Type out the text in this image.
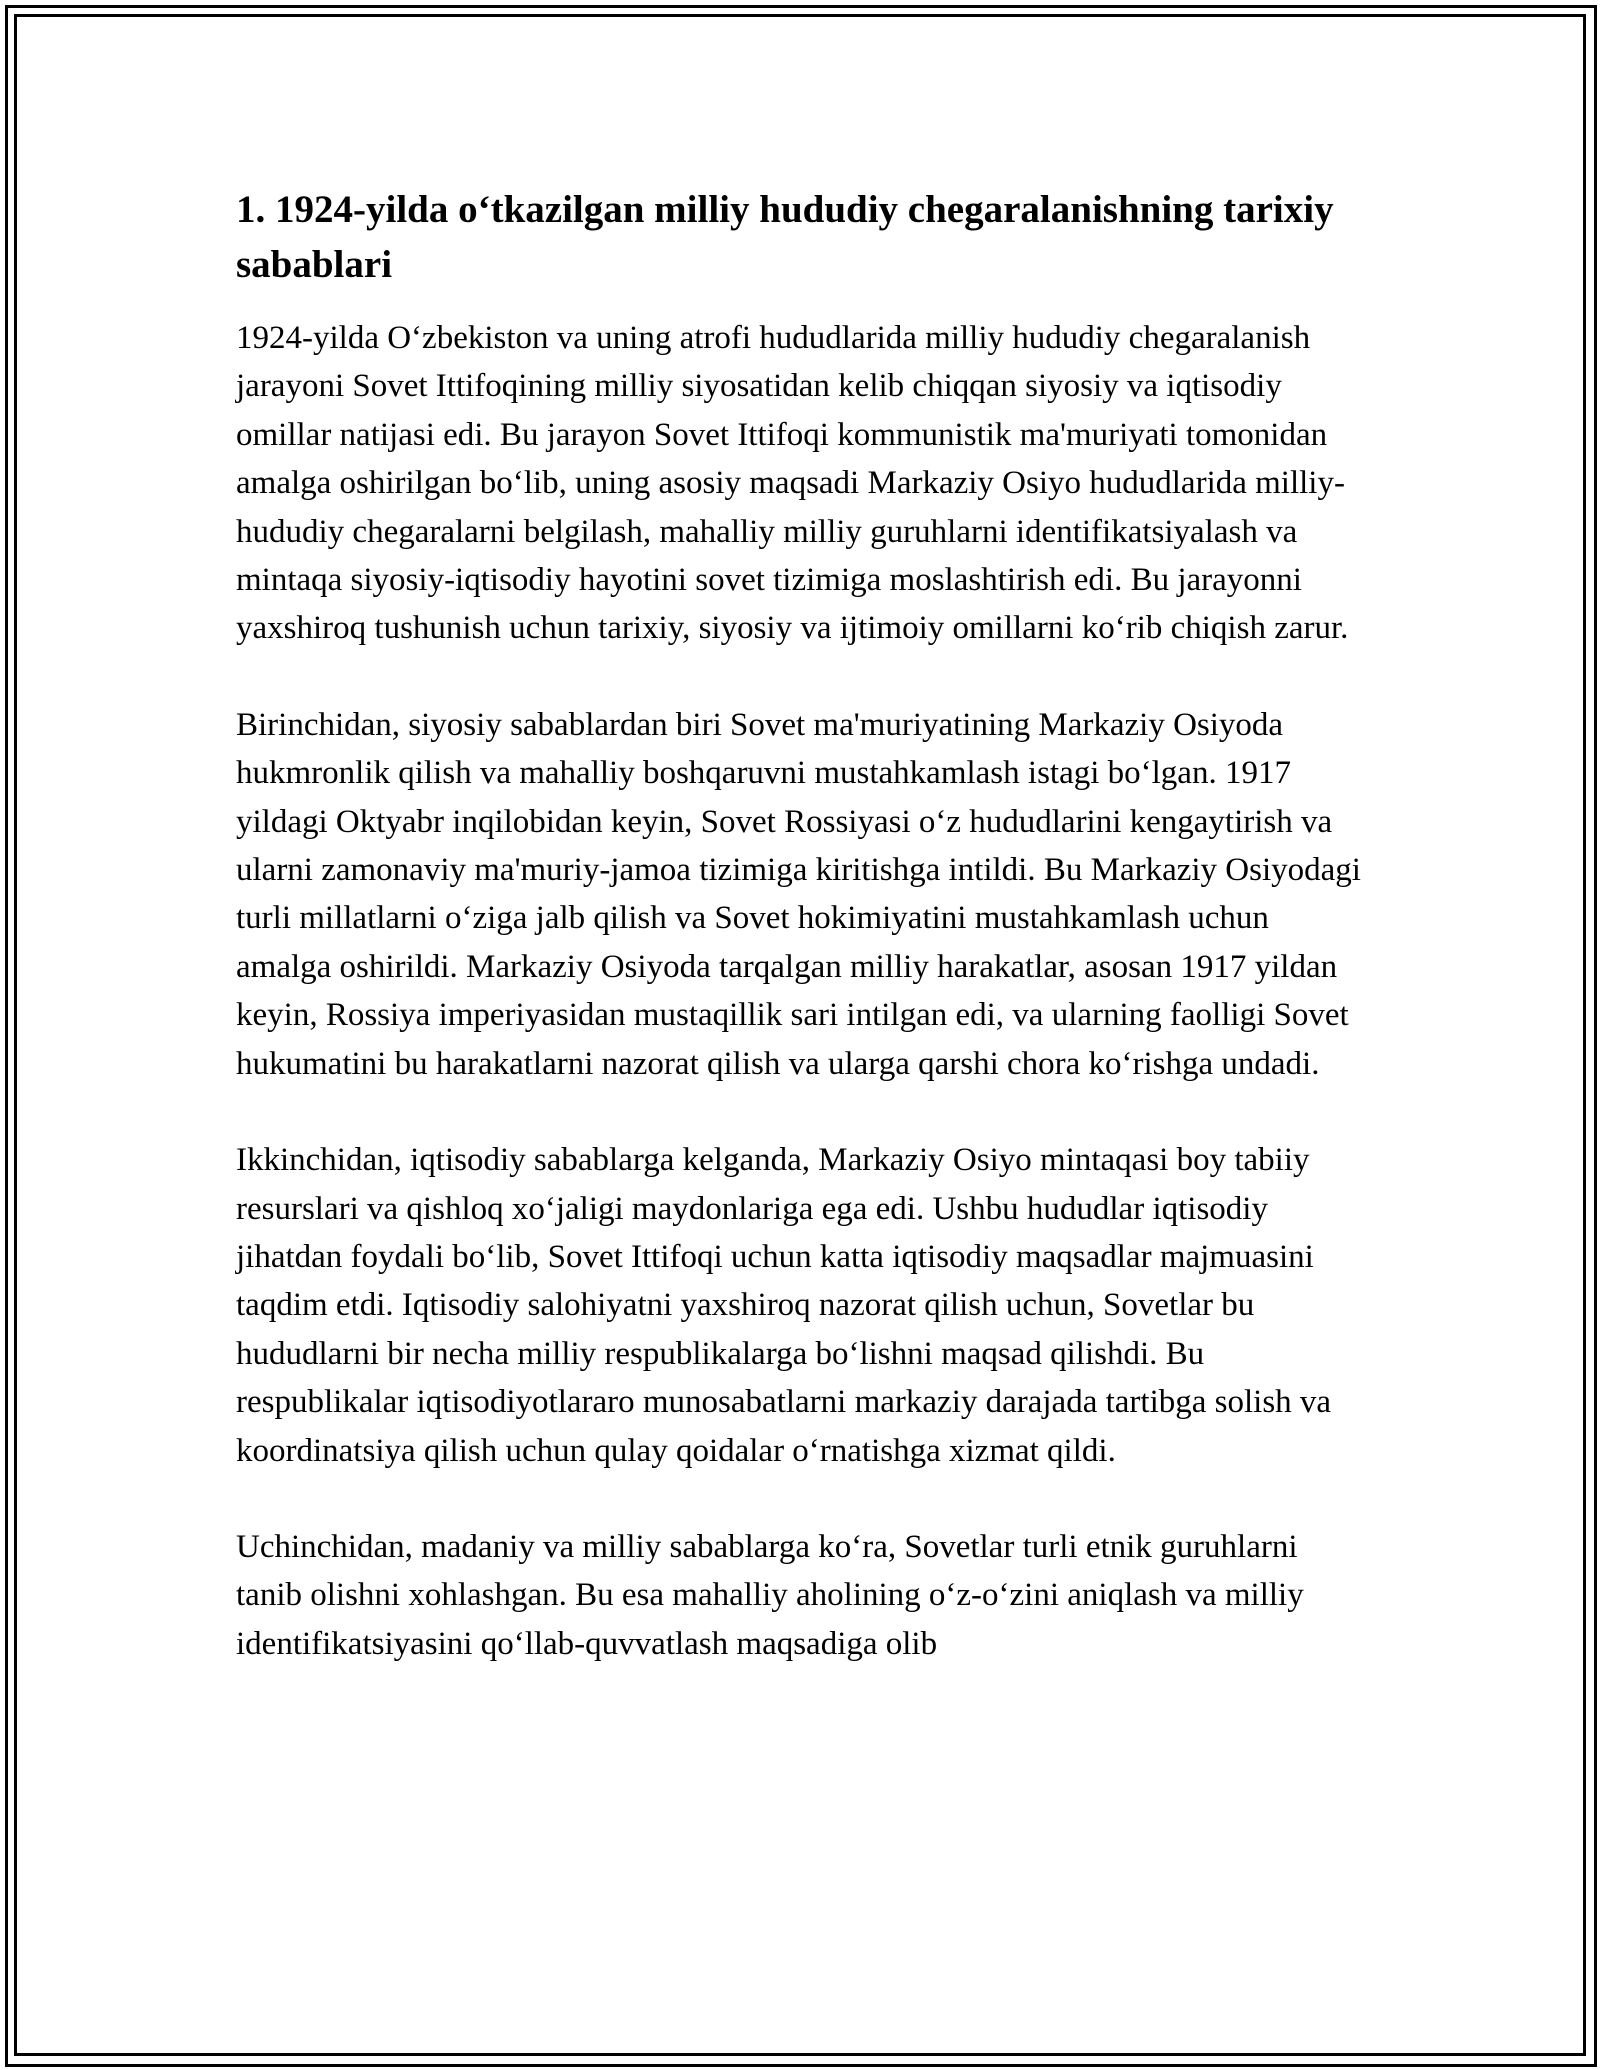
1. 1924-yilda o‘tkazilgan milliy hududiy chegaralanishning tarixiy sabablari

1924-yilda O‘zbekiston va uning atrofi hududlarida milliy hududiy chegaralanish jarayoni Sovet Ittifoqining milliy siyosatidan kelib chiqqan siyosiy va iqtisodiy omillar natijasi edi. Bu jarayon Sovet Ittifoqi kommunistik ma'muriyati tomonidan amalga oshirilgan bo‘lib, uning asosiy maqsadi Markaziy Osiyo hududlarida milliy-hududiy chegaralarni belgilash, mahalliy milliy guruhlarni identifikatsiyalash va mintaqa siyosiy-iqtisodiy hayotini sovet tizimiga moslashtirish edi. Bu jarayonni yaxshiroq tushunish uchun tarixiy, siyosiy va ijtimoiy omillarni ko‘rib chiqish zarur.

Birinchidan, siyosiy sabablardan biri Sovet ma'muriyatining Markaziy Osiyoda hukmronlik qilish va mahalliy boshqaruvni mustahkamlash istagi bo‘lgan. 1917 yildagi Oktyabr inqilobidan keyin, Sovet Rossiyasi o‘z hududlarini kengaytirish va ularni zamonaviy ma'muriy-jamoa tizimiga kiritishga intildi. Bu Markaziy Osiyodagi turli millatlarni o‘ziga jalb qilish va Sovet hokimiyatini mustahkamlash uchun amalga oshirildi. Markaziy Osiyoda tarqalgan milliy harakatlar, asosan 1917 yildan keyin, Rossiya imperiyasidan mustaqillik sari intilgan edi, va ularning faolligi Sovet hukumatini bu harakatlarni nazorat qilish va ularga qarshi chora ko‘rishga undadi.

Ikkinchidan, iqtisodiy sabablarga kelganda, Markaziy Osiyo mintaqasi boy tabiiy resurslari va qishloq xo‘jaligi maydonlariga ega edi. Ushbu hududlar iqtisodiy jihatdan foydali bo‘lib, Sovet Ittifoqi uchun katta iqtisodiy maqsadlar majmuasini taqdim etdi. Iqtisodiy salohiyatni yaxshiroq nazorat qilish uchun, Sovetlar bu hududlarni bir necha milliy respublikalarga bo‘lishni maqsad qilishdi. Bu respublikalar iqtisodiyotlararo munosabatlarni markaziy darajada tartibga solish va koordinatsiya qilish uchun qulay qoidalar o‘rnatishga xizmat qildi.

Uchinchidan, madaniy va milliy sabablarga ko‘ra, Sovetlar turli etnik guruhlarni tanib olishni xohlashgan. Bu esa mahalliy aholining o‘z-o‘zini aniqlash va milliy identifikatsiyasini qo‘llab-quvvatlash maqsadiga olib
